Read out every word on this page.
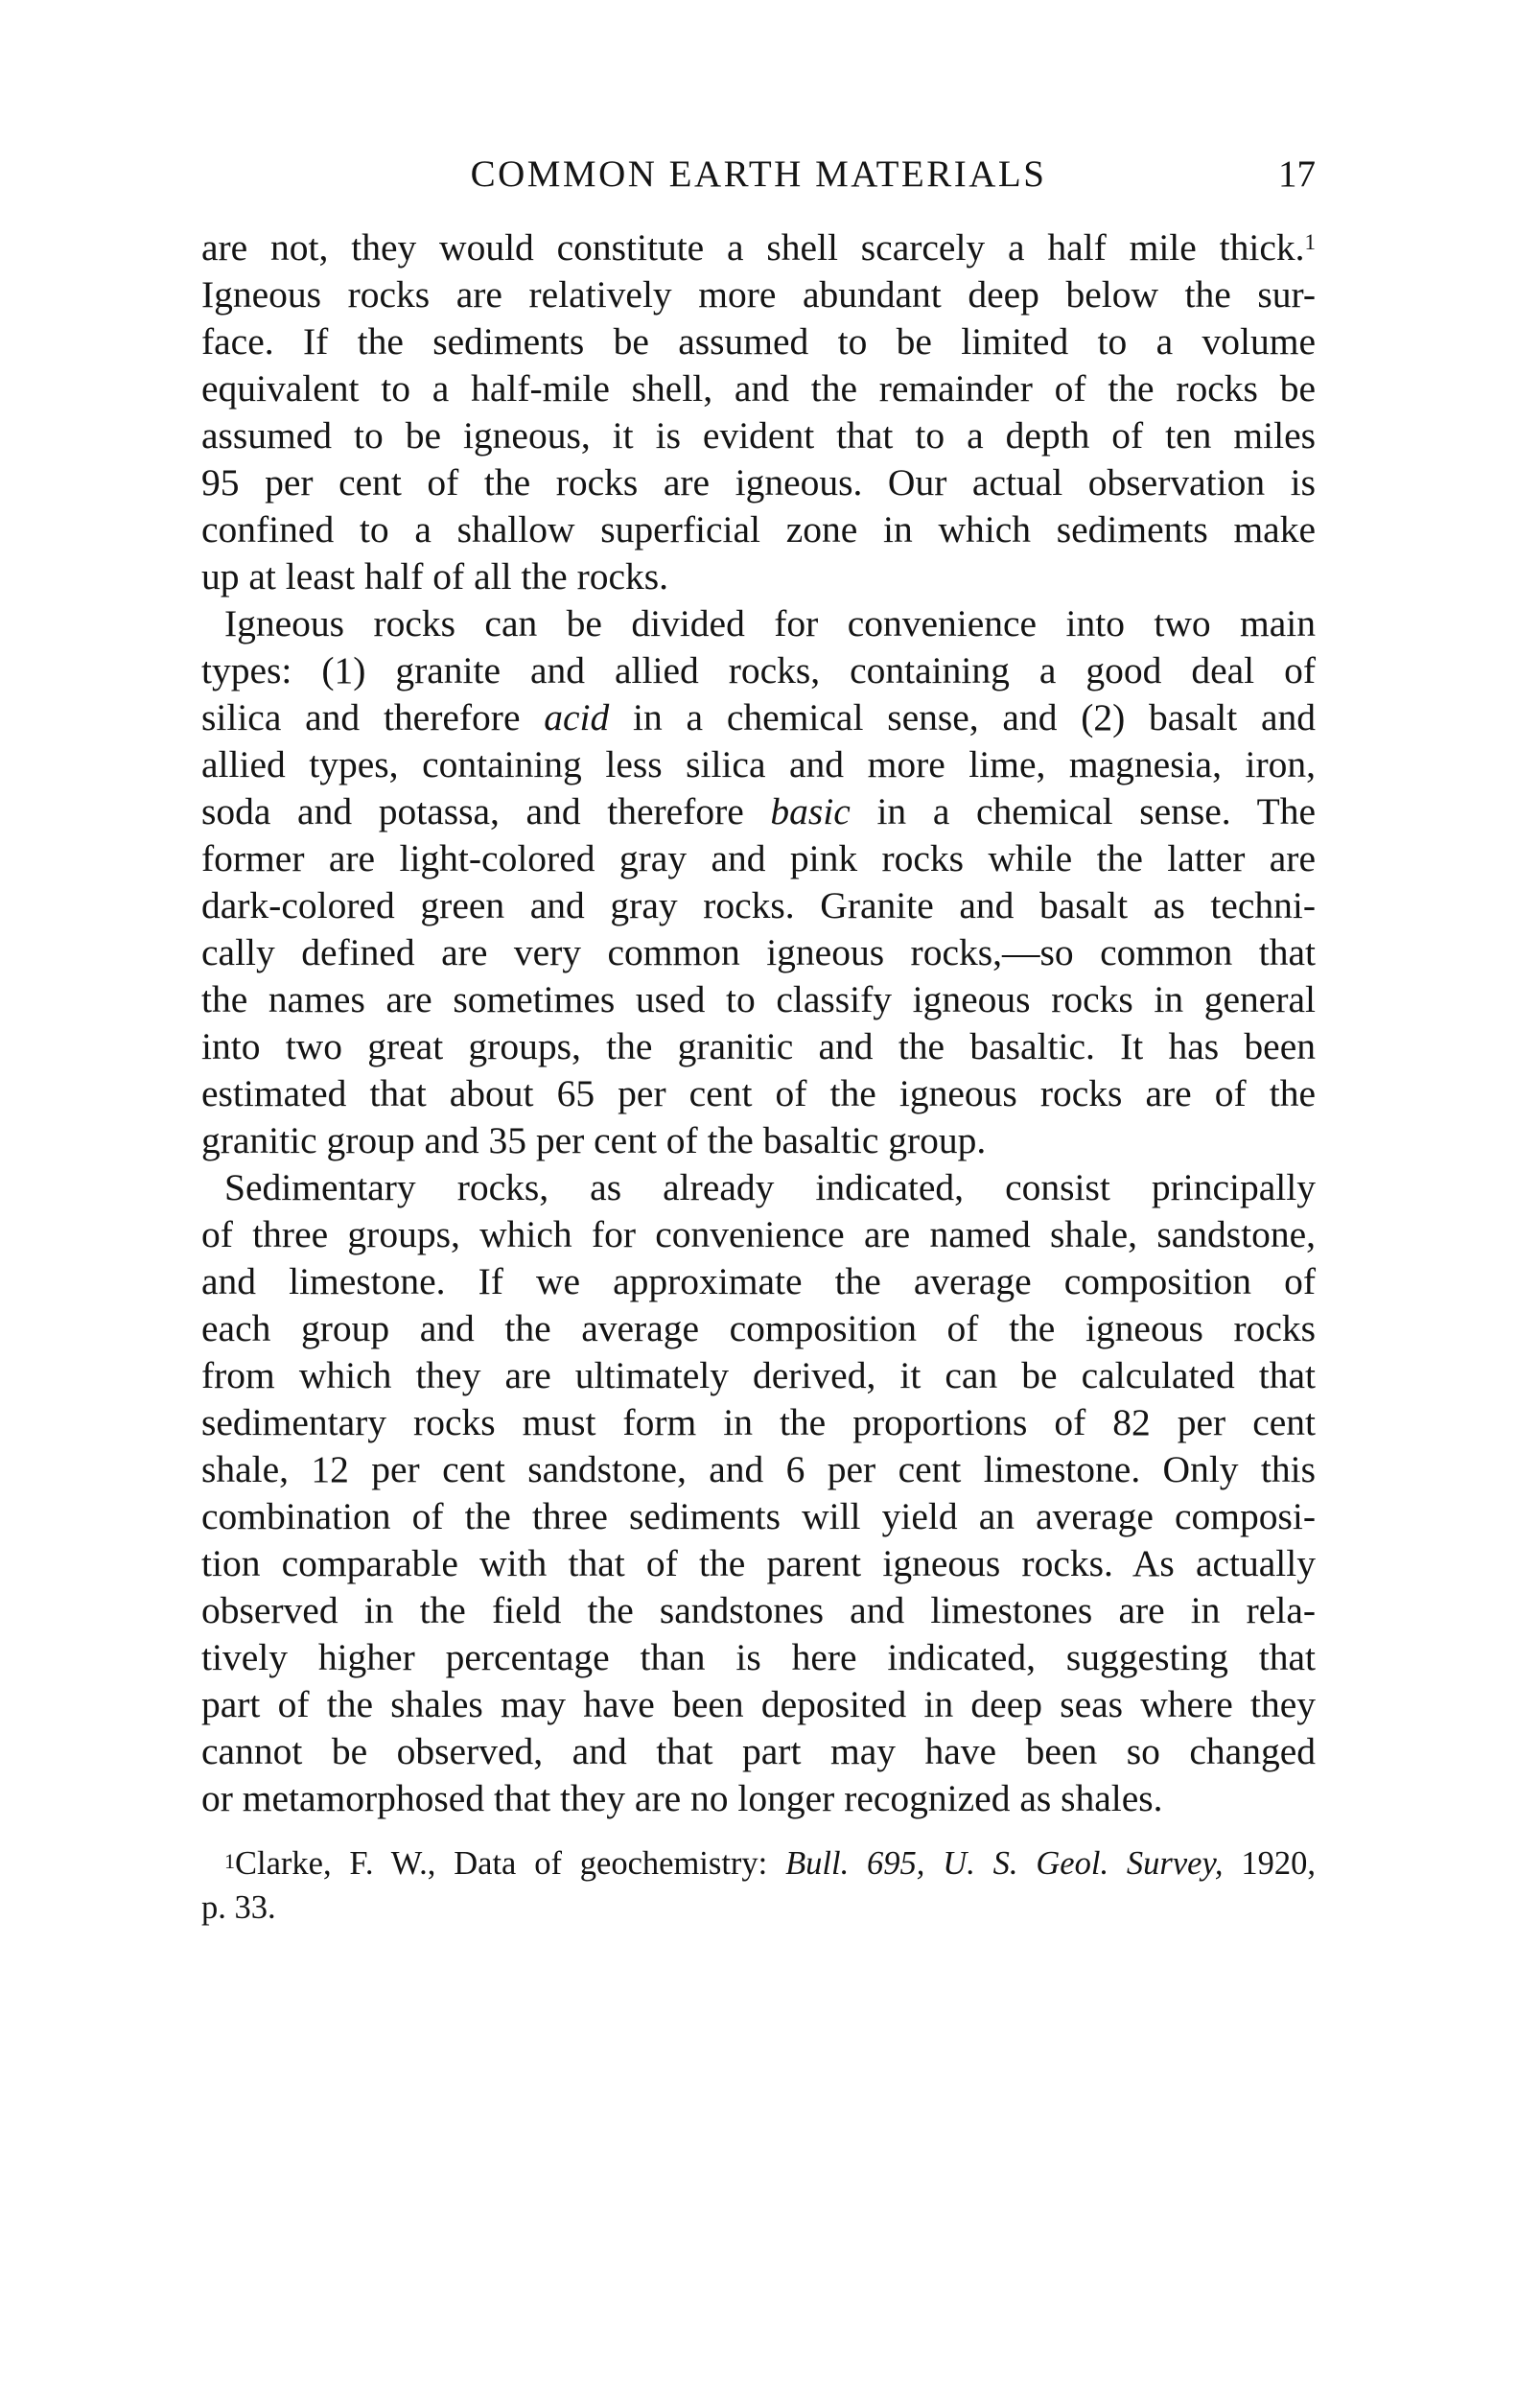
COMMON EARTH MATERIALS	17
are not, they would constitute a shell scarcely a half mile thick.$^1$
Igneous rocks are relatively more abundant deep below the sur-
face. If the sediments be assumed to be limited to a volume
equivalent to a half-mile shell, and the remainder of the rocks be
assumed to be igneous, it is evident that to a depth of ten miles
95 per cent of the rocks are igneous. Our actual observation is
confined to a shallow superficial zone in which sediments make
up at least half of all the rocks.
Igneous rocks can be divided for convenience into two main
types: (1) granite and allied rocks, containing a good deal of
silica and therefore acid in a chemical sense, and (2) basalt and
allied types, containing less silica and more lime, magnesia, iron,
soda and potassa, and therefore basic in a chemical sense. The
former are light-colored gray and pink rocks while the latter are
dark-colored green and gray rocks. Granite and basalt as techni-
cally defined are very common igneous rocks,—so common that
the names are sometimes used to classify igneous rocks in general
into two great groups, the granitic and the basaltic. It has been
estimated that about 65 per cent of the igneous rocks are of the
granitic group and 35 per cent of the basaltic group.
Sedimentary rocks, as already indicated, consist principally
of three groups, which for convenience are named shale, sandstone,
and limestone. If we approximate the average composition of
each group and the average composition of the igneous rocks
from which they are ultimately derived, it can be calculated that
sedimentary rocks must form in the proportions of 82 per cent
shale, 12 per cent sandstone, and 6 per cent limestone. Only this
combination of the three sediments will yield an average composi-
tion comparable with that of the parent igneous rocks. As actually
observed in the field the sandstones and limestones are in rela-
tively higher percentage than is here indicated, suggesting that
part of the shales may have been deposited in deep seas where they
cannot be observed, and that part may have been so changed
or metamorphosed that they are no longer recognized as shales.
$^1$Clarke, F. W., Data of geochemistry: Bull. 695, U. S. Geol. Survey, 1920,
p. 33.
